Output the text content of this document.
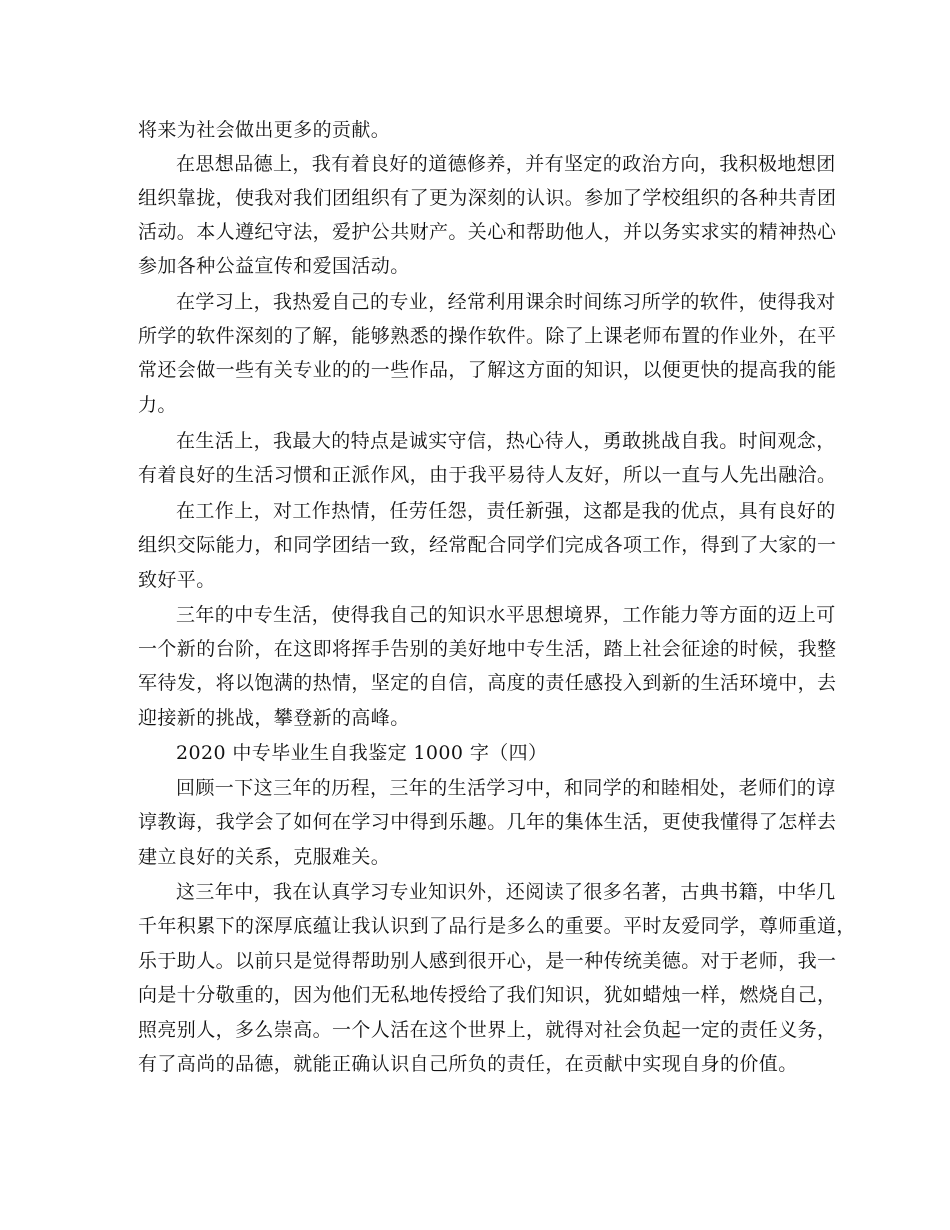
将来为社会做出更多的贡献。

在思想品德上，我有着良好的道德修养，并有坚定的政治方向，我积极地想团

组织靠拢，使我对我们团组织有了更为深刻的认识。参加了学校组织的各种共青团

活动。本人遵纪守法，爱护公共财产。关心和帮助他人，并以务实求实的精神热心

参加各种公益宣传和爱国活动。

在学习上，我热爱自己的专业，经常利用课余时间练习所学的软件，使得我对

所学的软件深刻的了解，能够熟悉的操作软件。除了上课老师布置的作业外，在平

常还会做一些有关专业的的一些作品，了解这方面的知识，以便更快的提高我的能

力。

在生活上，我最大的特点是诚实守信，热心待人，勇敢挑战自我。时间观念，

有着良好的生活习惯和正派作风，由于我平易待人友好，所以一直与人先出融洽。

在工作上，对工作热情，任劳任怨，责任新强，这都是我的优点，具有良好的

组织交际能力，和同学团结一致，经常配合同学们完成各项工作，得到了大家的一

致好平。

三年的中专生活，使得我自己的知识水平思想境界，工作能力等方面的迈上可

一个新的台阶，在这即将挥手告别的美好地中专生活，踏上社会征途的时候，我整

军待发，将以饱满的热情，坚定的自信，高度的责任感投入到新的生活环境中，去

迎接新的挑战，攀登新的高峰。

2020 中专毕业生自我鉴定 1000 字（四）

回顾一下这三年的历程，三年的生活学习中，和同学的和睦相处，老师们的谆

谆教诲，我学会了如何在学习中得到乐趣。几年的集体生活，更使我懂得了怎样去

建立良好的关系，克服难关。

这三年中，我在认真学习专业知识外，还阅读了很多名著，古典书籍，中华几

千年积累下的深厚底蕴让我认识到了品行是多么的重要。平时友爱同学，尊师重道，

乐于助人。以前只是觉得帮助别人感到很开心，是一种传统美德。对于老师，我一

向是十分敬重的，因为他们无私地传授给了我们知识，犹如蜡烛一样，燃烧自己，

照亮别人，多么崇高。一个人活在这个世界上，就得对社会负起一定的责任义务，

有了高尚的品德，就能正确认识自己所负的责任，在贡献中实现自身的价值。
